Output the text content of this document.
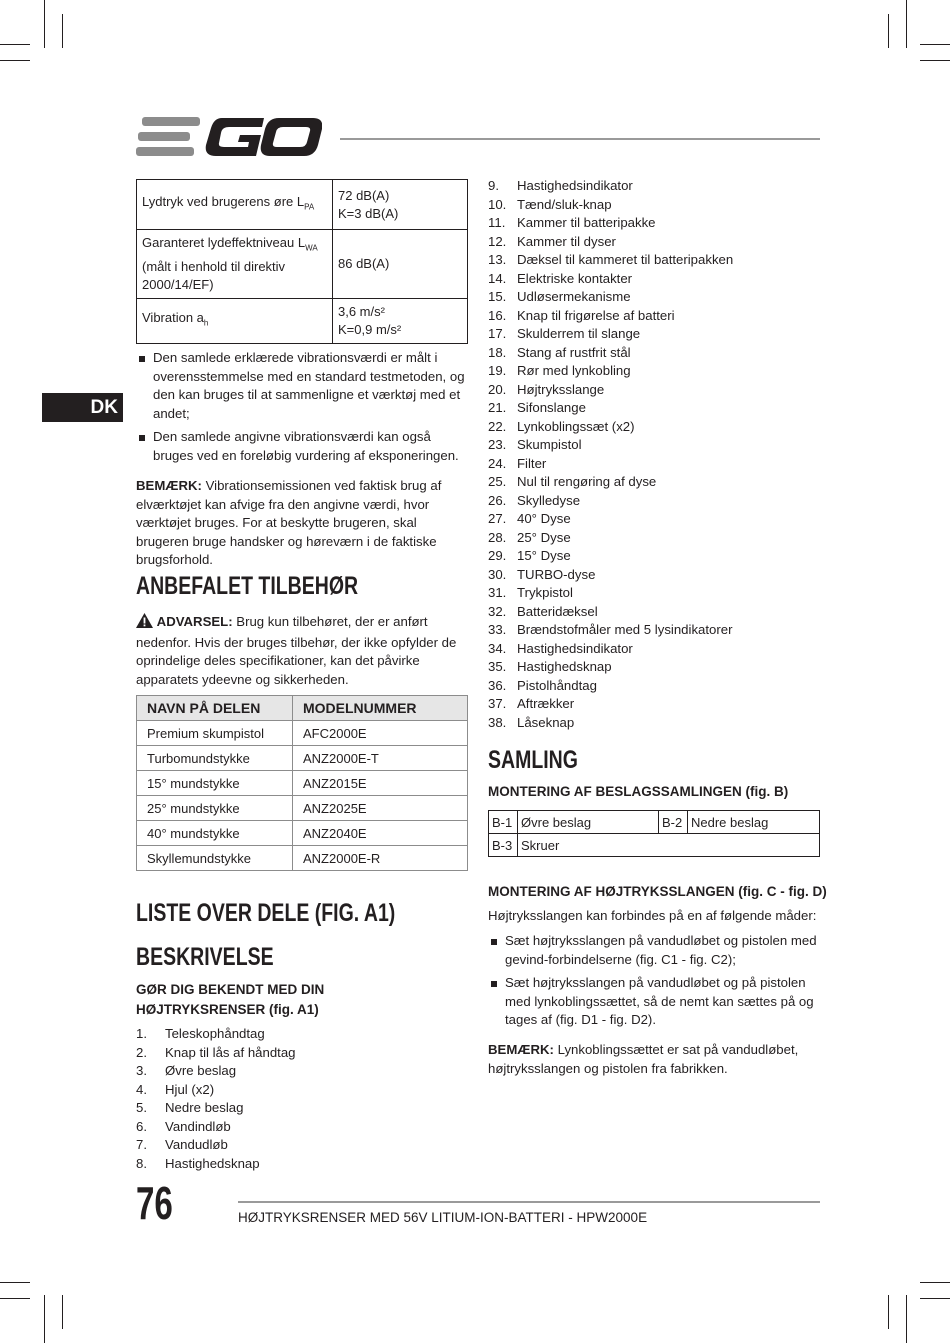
DK
Lydtryk ved brugerens øre $L_{PA}$	72 dB(A)
K=3 dB(A)
Garanteret lydeffektniveau $L_{WA}$ (målt i henhold til direktiv 2000/14/EF)	86 dB(A)
Vibration $a_h$	3,6 m/s²
K=0,9 m/s²
Den samlede erklærede vibrationsværdi er målt i overensstemmelse med en standard testmetoden, og den kan bruges til at sammenligne et værktøj med et andet;
Den samlede angivne vibrationsværdi kan også bruges ved en foreløbig vurdering af eksponeringen.

BEMÆRK: Vibrationsemissionen ved faktisk brug af elværktøjet kan afvige fra den angivne værdi, hvor værktøjet bruges. For at beskytte brugeren, skal brugeren bruge handsker og høreværn i de faktiske brugsforhold.

ANBEFALET TILBEHØR

ADVARSEL: Brug kun tilbehøret, der er anført nedenfor. Hvis der bruges tilbehør, der ikke opfylder de oprindelige deles specifikationer, kan det påvirke apparatets ydeevne og sikkerheden.

NAVN PÅ DELEN	MODELNUMMER
Premium skumpistol	AFC2000E
Turbomundstykke	ANZ2000E-T
15° mundstykke	ANZ2015E
25° mundstykke	ANZ2025E
40° mundstykke	ANZ2040E
Skyllemundstykke	ANZ2000E-R
LISTE OVER DELE (FIG. A1)
BESKRIVELSE
GØR DIG BEKENDT MED DIN HØJTRYKSRENSER (fig. A1)
1. Teleskophåndtag
2. Knap til lås af håndtag
3. Øvre beslag
4. Hjul (x2)
5. Nedre beslag
6. Vandindløb
7. Vandudløb
8. Hastighedsknap
9. Hastighedsindikator
10. Tænd/sluk-knap
11. Kammer til batteripakke
12. Kammer til dyser
13. Dæksel til kammeret til batteripakken
14. Elektriske kontakter
15. Udløsermekanisme
16. Knap til frigørelse af batteri
17. Skulderrem til slange
18. Stang af rustfrit stål
19. Rør med lynkobling
20. Højtryksslange
21. Sifonslange
22. Lynkoblingssæt (x2)
23. Skumpistol
24. Filter
25. Nul til rengøring af dyse
26. Skylledyse
27. 40° Dyse
28. 25° Dyse
29. 15° Dyse
30. TURBO-dyse
31. Trykpistol
32. Batteridæksel
33. Brændstofmåler med 5 lysindikatorer
34. Hastighedsindikator
35. Hastighedsknap
36. Pistolhåndtag
37. Aftrækker
38. Låseknap
SAMLING
MONTERING AF BESLAGSSAMLINGEN (fig. B)
B-1	Øvre beslag	B-2	Nedre beslag
B-3	Skruer		
MONTERING AF HØJTRYKSSLANGEN (fig. C - fig. D)
Højtryksslangen kan forbindes på en af følgende måder:
Sæt højtryksslangen på vandudløbet og pistolen med gevind-forbindelserne (fig. C1 - fig. C2);
Sæt højtryksslangen på vandudløbet og på pistolen med lynkoblingssættet, så de nemt kan sættes på og tages af (fig. D1 - fig. D2).

BEMÆRK: Lynkoblingssættet er sat på vandudløbet, højtryksslangen og pistolen fra fabrikken.

76	HØJTRYKSRENSER MED 56V LITIUM-ION-BATTERI - HPW2000E
